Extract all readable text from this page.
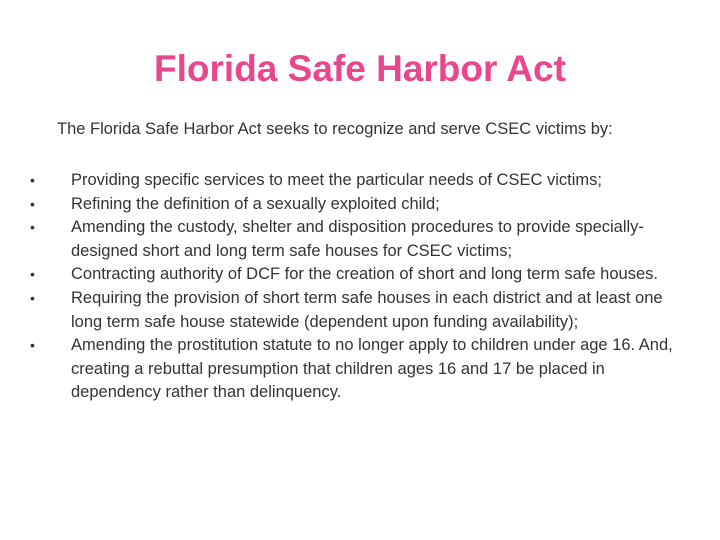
Florida Safe Harbor Act
The Florida Safe Harbor Act seeks to recognize and serve CSEC victims by:
• Providing specific services to meet the particular needs of CSEC victims;
• Refining the definition of a sexually exploited child;
• Amending the custody, shelter and disposition procedures to provide specially-designed short and long term safe houses for CSEC victims;
• Contracting authority of DCF for the creation of short and long term safe houses.
• Requiring the provision of short term safe houses in each district and at least one long term safe house statewide (dependent upon funding availability);
• Amending the prostitution statute to no longer apply to children under age 16. And, creating a rebuttal presumption that children ages 16 and 17 be placed in dependency rather than delinquency.
